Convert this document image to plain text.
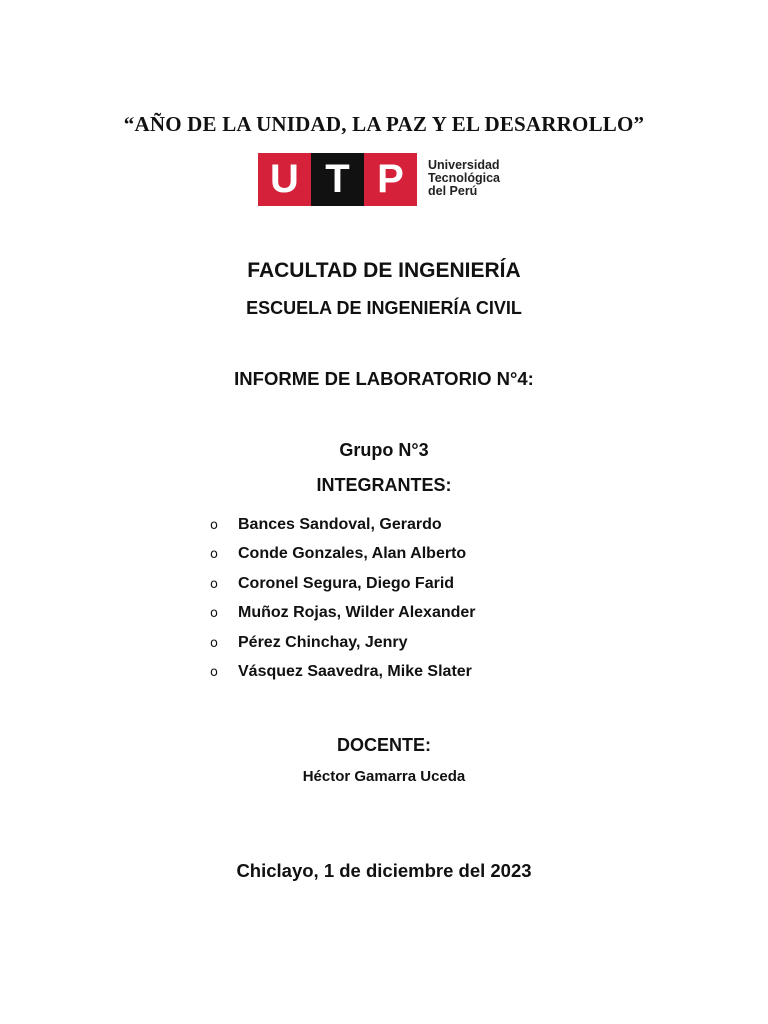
“AÑO DE LA UNIDAD, LA PAZ Y EL DESARROLLO”
U T P	Universidad
Tecnológica
del Perú
FACULTAD DE INGENIERÍA
ESCUELA DE INGENIERÍA CIVIL
INFORME DE LABORATORIO N°4:
Grupo N°3
INTEGRANTES:
o	Bances Sandoval, Gerardo
o	Conde Gonzales, Alan Alberto
o	Coronel Segura, Diego Farid
o	Muñoz Rojas, Wilder Alexander
o	Pérez Chinchay, Jenry
o	Vásquez Saavedra, Mike Slater
DOCENTE:
Héctor Gamarra Uceda
Chiclayo, 1 de diciembre del 2023
